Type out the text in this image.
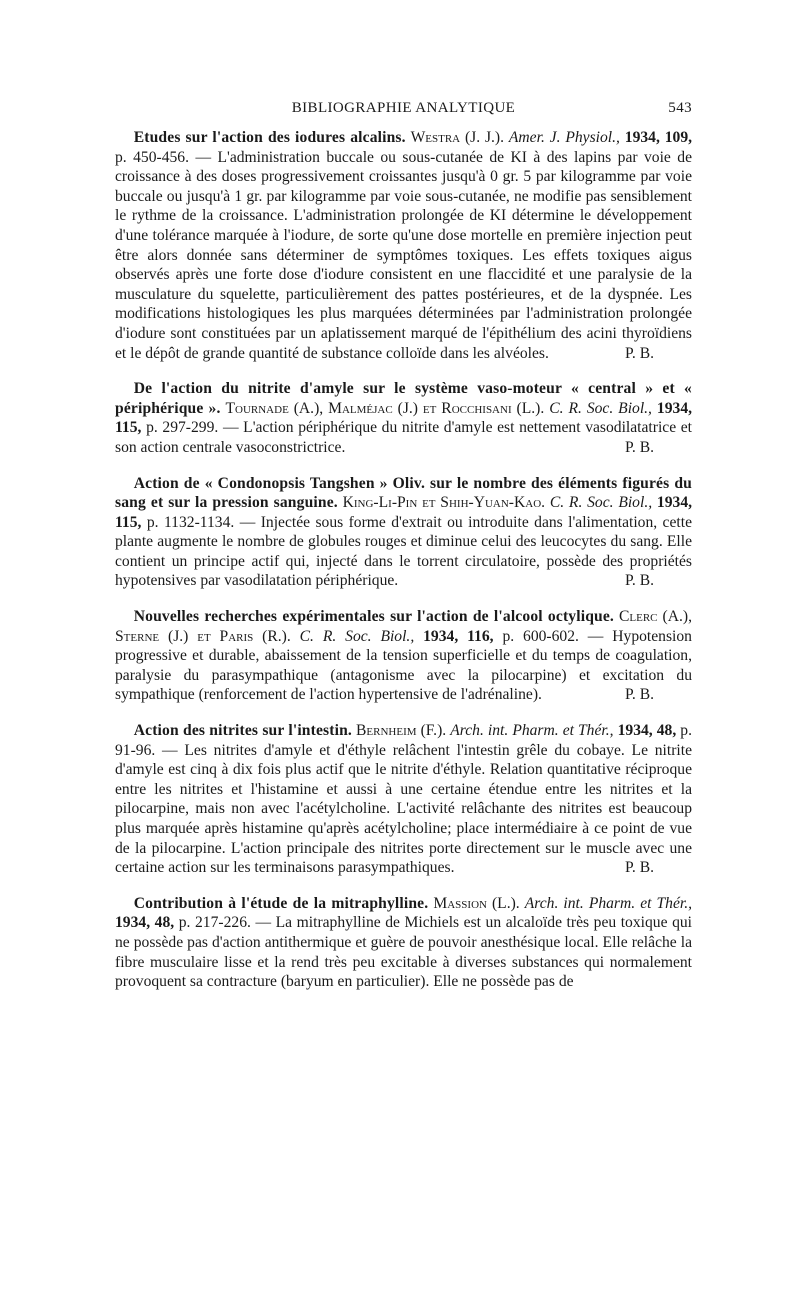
BIBLIOGRAPHIE ANALYTIQUE	543

Etudes sur l'action des iodures alcalins. Westra (J. J.). Amer. J. Physiol., 1934, 109, p. 450-456. — L'administration buccale ou sous-cutanée de KI à des lapins par voie de croissance à des doses progressivement croissantes jusqu'à 0 gr. 5 par kilogramme par voie buccale ou jusqu'à 1 gr. par kilogramme par voie sous-cutanée, ne modifie pas sensiblement le rythme de la croissance. L'administration prolongée de KI détermine le développement d'une tolérance marquée à l'iodure, de sorte qu'une dose mortelle en première injection peut être alors donnée sans déterminer de symptômes toxiques. Les effets toxiques aigus observés après une forte dose d'iodure consistent en une flaccidité et une paralysie de la musculature du squelette, particulièrement des pattes postérieures, et de la dyspnée. Les modifications histologiques les plus marquées déterminées par l'administration prolongée d'iodure sont constituées par un aplatissement marqué de l'épithélium des acini thyroïdiens et le dépôt de grande quantité de substance colloïde dans les alvéoles.	P. B.

De l'action du nitrite d'amyle sur le système vaso-moteur « central » et « périphérique ». Tournade (A.), Malméjac (J.) et Rocchisani (L.). C. R. Soc. Biol., 1934, 115, p. 297-299. — L'action périphérique du nitrite d'amyle est nettement vasodilatatrice et son action centrale vasoconstrictrice.	P. B.

Action de « Condonopsis Tangshen » Oliv. sur le nombre des éléments figurés du sang et sur la pression sanguine. King-Li-Pin et Shih-Yuan-Kao. C. R. Soc. Biol., 1934, 115, p. 1132-1134. — Injectée sous forme d'extrait ou introduite dans l'alimentation, cette plante augmente le nombre de globules rouges et diminue celui des leucocytes du sang. Elle contient un principe actif qui, injecté dans le torrent circulatoire, possède des propriétés hypotensives par vasodilatation périphérique.	P. B.

Nouvelles recherches expérimentales sur l'action de l'alcool octylique. Clerc (A.), Sterne (J.) et Paris (R.). C. R. Soc. Biol., 1934, 116, p. 600-602. — Hypotension progressive et durable, abaissement de la tension superficielle et du temps de coagulation, paralysie du parasympathique (antagonisme avec la pilocarpine) et excitation du sympathique (renforcement de l'action hypertensive de l'adrénaline).	P. B.

Action des nitrites sur l'intestin. Bernheim (F.). Arch. int. Pharm. et Thér., 1934, 48, p. 91-96. — Les nitrites d'amyle et d'éthyle relâchent l'intestin grêle du cobaye. Le nitrite d'amyle est cinq à dix fois plus actif que le nitrite d'éthyle. Relation quantitative réciproque entre les nitrites et l'histamine et aussi à une certaine étendue entre les nitrites et la pilocarpine, mais non avec l'acétylcholine. L'activité relâchante des nitrites est beaucoup plus marquée après histamine qu'après acétylcholine; place intermédiaire à ce point de vue de la pilocarpine. L'action principale des nitrites porte directement sur le muscle avec une certaine action sur les terminaisons parasympathiques.	P. B.

Contribution à l'étude de la mitraphylline. Massion (L.). Arch. int. Pharm. et Thér., 1934, 48, p. 217-226. — La mitraphylline de Michiels est un alcaloïde très peu toxique qui ne possède pas d'action antithermique et guère de pouvoir anesthésique local. Elle relâche la fibre musculaire lisse et la rend très peu excitable à diverses substances qui normalement provoquent sa contracture (baryum en particulier). Elle ne possède pas de
